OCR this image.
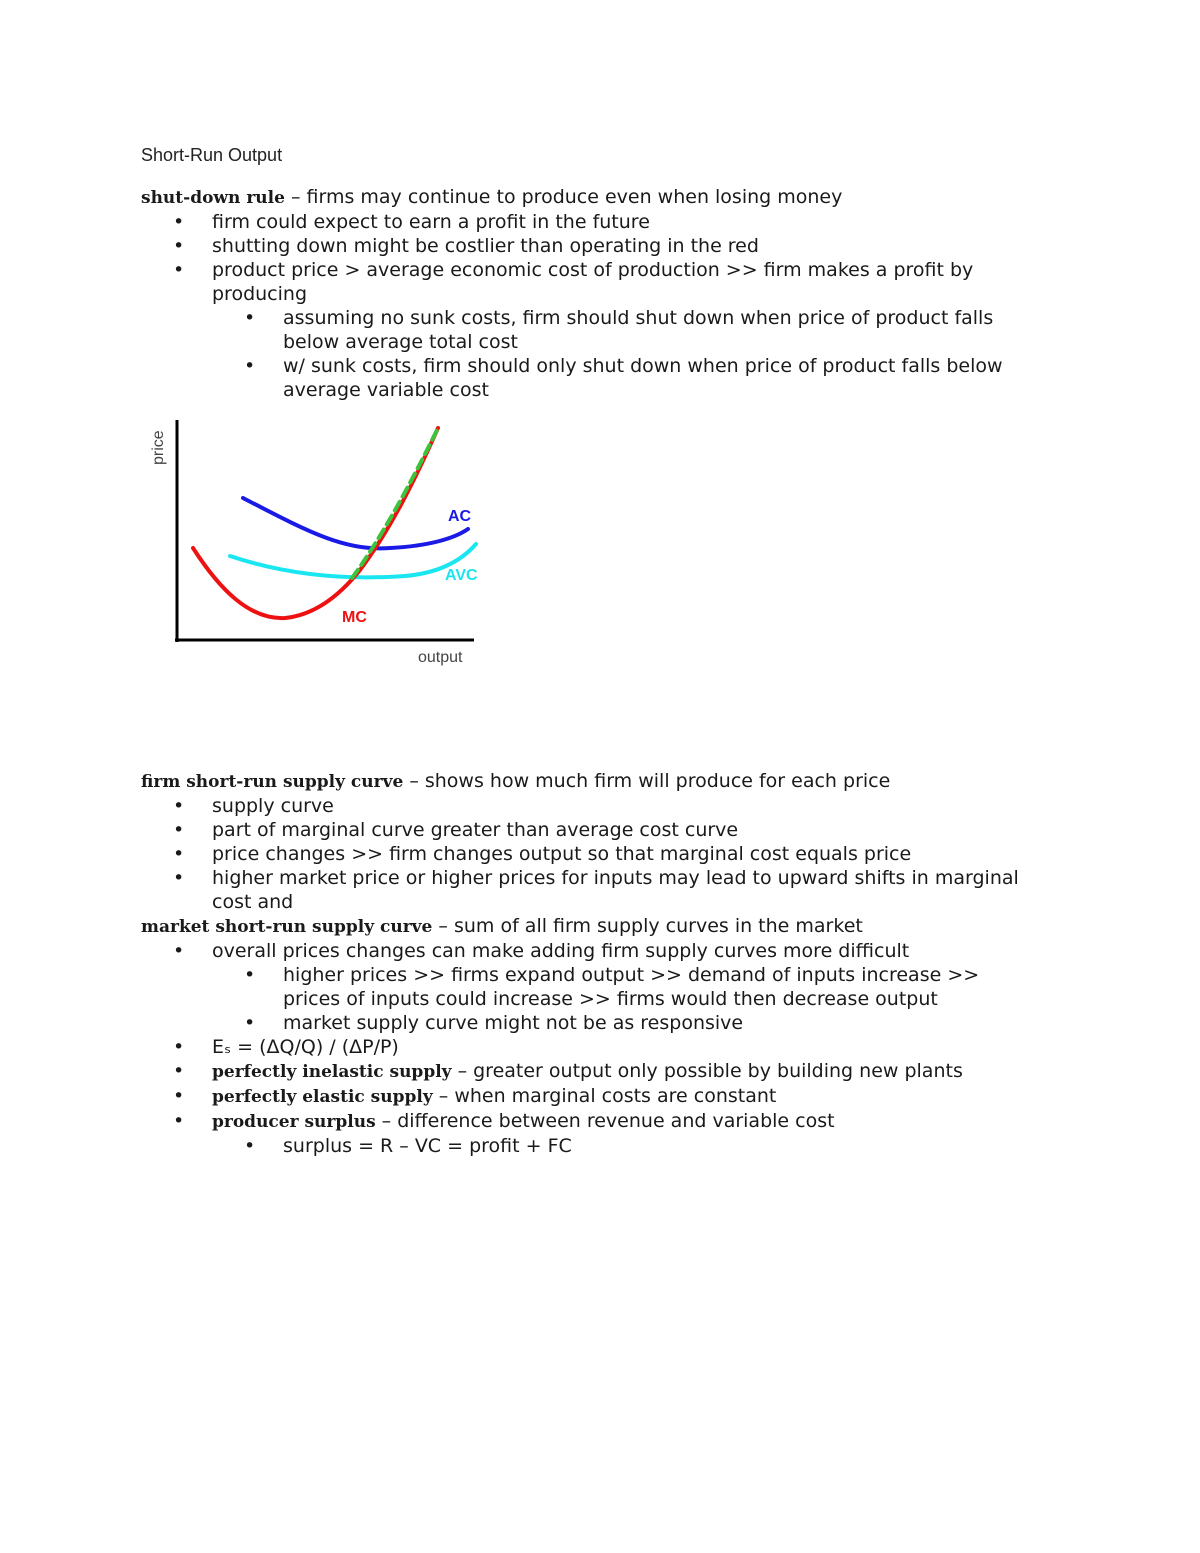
Short-Run Output
shut-down rule – firms may continue to produce even when losing money
• firm could expect to earn a profit in the future
• shutting down might be costlier than operating in the red
• product price > average economic cost of production >> firm makes a profit by
producing
• assuming no sunk costs, firm should shut down when price of product falls
below average total cost
• w/ sunk costs, firm should only shut down when price of product falls below
average variable cost
price
output
AC
AVC
MC
firm short-run supply curve – shows how much firm will produce for each price
• supply curve
• part of marginal curve greater than average cost curve
• price changes >> firm changes output so that marginal cost equals price
• higher market price or higher prices for inputs may lead to upward shifts in marginal
cost and
market short-run supply curve – sum of all firm supply curves in the market
• overall prices changes can make adding firm supply curves more difficult
• higher prices >> firms expand output >> demand of inputs increase >>
prices of inputs could increase >> firms would then decrease output
• market supply curve might not be as responsive
• Eₛ = (ΔQ/Q) / (ΔP/P)
• perfectly inelastic supply – greater output only possible by building new plants
• perfectly elastic supply – when marginal costs are constant
• producer surplus – difference between revenue and variable cost
• surplus = R – VC = profit + FC
